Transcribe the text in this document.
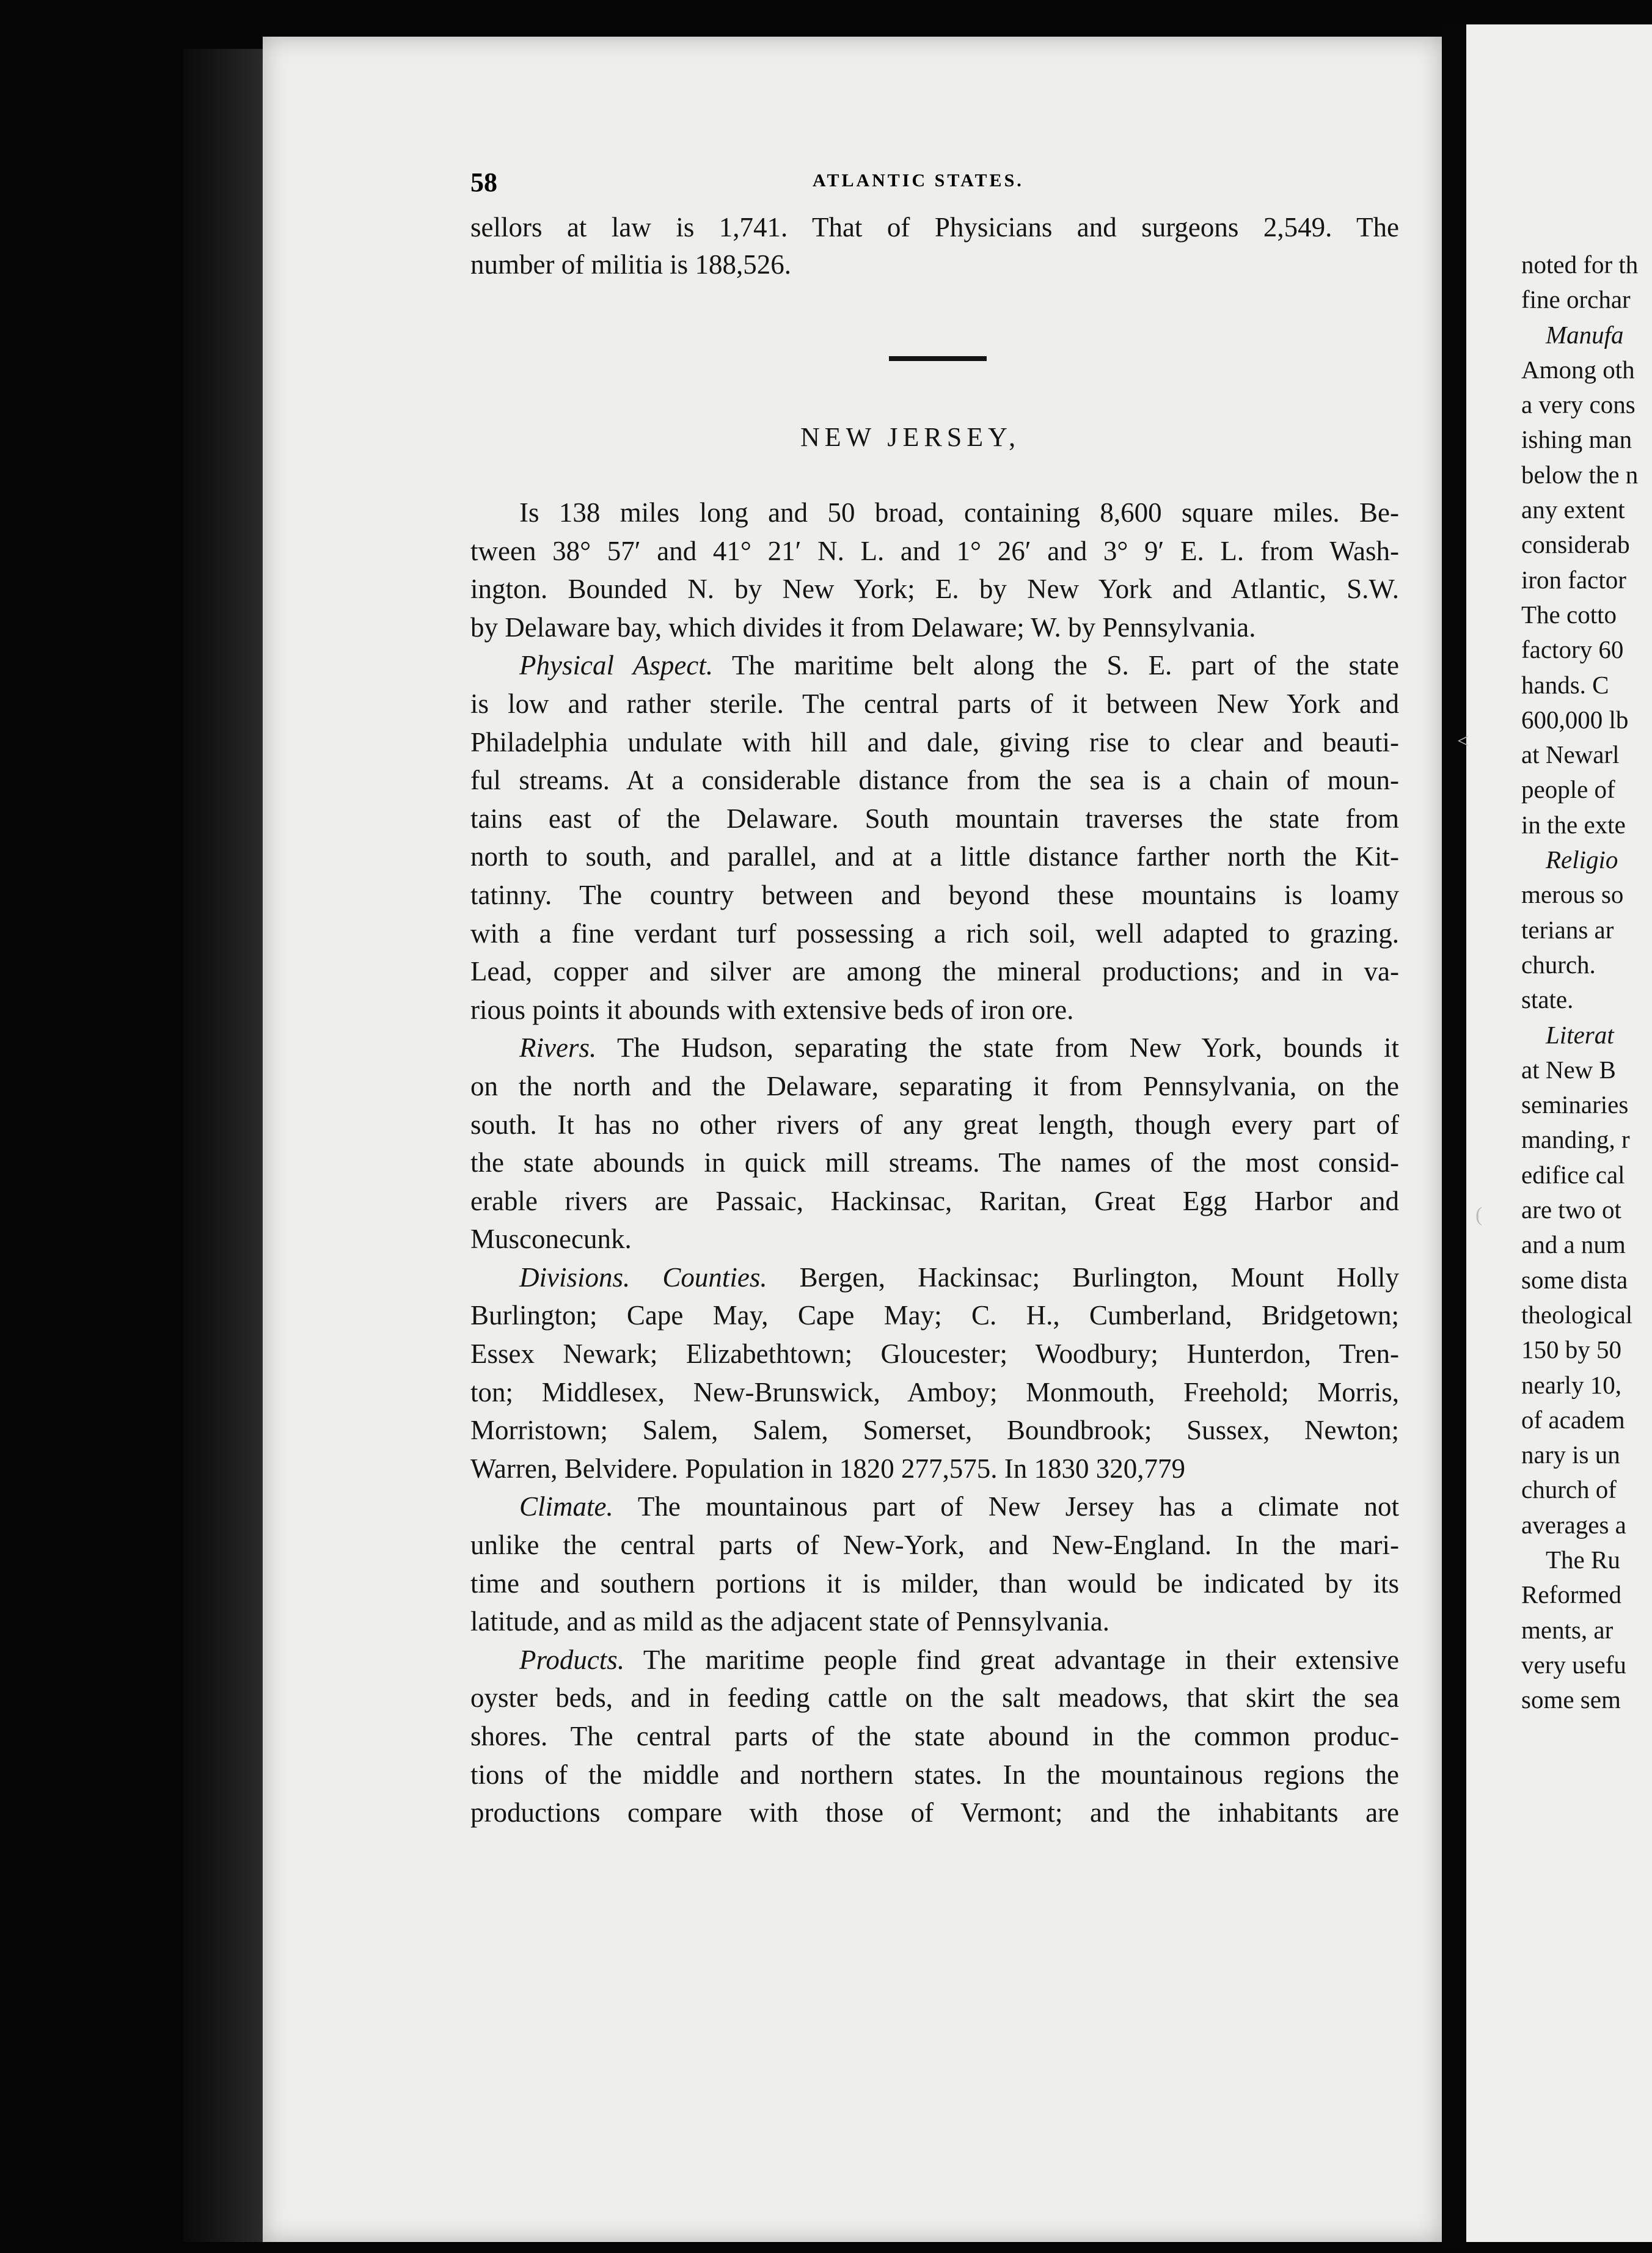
58	ATLANTIC STATES.
sellors at law is 1,741. That of Physicians and surgeons 2,549. The
number of militia is 188,526.
NEW JERSEY,
Is 138 miles long and 50 broad, containing 8,600 square miles. Be-
tween 38° 57′ and 41° 21′ N. L. and 1° 26′ and 3° 9′ E. L. from Wash-
ington. Bounded N. by New York; E. by New York and Atlantic, S.W.
by Delaware bay, which divides it from Delaware; W. by Pennsylvania.
Physical Aspect. The maritime belt along the S. E. part of the state
is low and rather sterile. The central parts of it between New York and
Philadelphia undulate with hill and dale, giving rise to clear and beauti-
ful streams. At a considerable distance from the sea is a chain of moun-
tains east of the Delaware. South mountain traverses the state from
north to south, and parallel, and at a little distance farther north the Kit-
tatinny. The country between and beyond these mountains is loamy
with a fine verdant turf possessing a rich soil, well adapted to grazing.
Lead, copper and silver are among the mineral productions; and in va-
rious points it abounds with extensive beds of iron ore.
Rivers. The Hudson, separating the state from New York, bounds it
on the north and the Delaware, separating it from Pennsylvania, on the
south. It has no other rivers of any great length, though every part of
the state abounds in quick mill streams. The names of the most consid-
erable rivers are Passaic, Hackinsac, Raritan, Great Egg Harbor and
Musconecunk.
Divisions. Counties. Bergen, Hackinsac; Burlington, Mount Holly
Burlington; Cape May, Cape May; C. H., Cumberland, Bridgetown;
Essex Newark; Elizabethtown; Gloucester; Woodbury; Hunterdon, Tren-
ton; Middlesex, New-Brunswick, Amboy; Monmouth, Freehold; Morris,
Morristown; Salem, Salem, Somerset, Boundbrook; Sussex, Newton;
Warren, Belvidere. Population in 1820 277,575. In 1830 320,779
Climate. The mountainous part of New Jersey has a climate not
unlike the central parts of New-York, and New-England. In the mari-
time and southern portions it is milder, than would be indicated by its
latitude, and as mild as the adjacent state of Pennsylvania.
Products. The maritime people find great advantage in their extensive
oyster beds, and in feeding cattle on the salt meadows, that skirt the sea
shores. The central parts of the state abound in the common produc-
tions of the middle and northern states. In the mountainous regions the
productions compare with those of Vermont; and the inhabitants are
noted for th
fine orchar
Manufa
Among oth
a very cons
ishing man
below the n
any extent
considerab
iron factor
The cotto
factory 60
hands. C
600,000 lb
at Newarl
people of
in the exte
Religio
merous so
terians ar
church.
state.
Literat
at New B
seminaries
manding, r
edifice cal
are two ot
and a num
some dista
theological
150 by 50
nearly 10,
of academ
nary is un
church of
averages a
The Ru
Reformed
ments, ar
very usefu
some sem
<
(
